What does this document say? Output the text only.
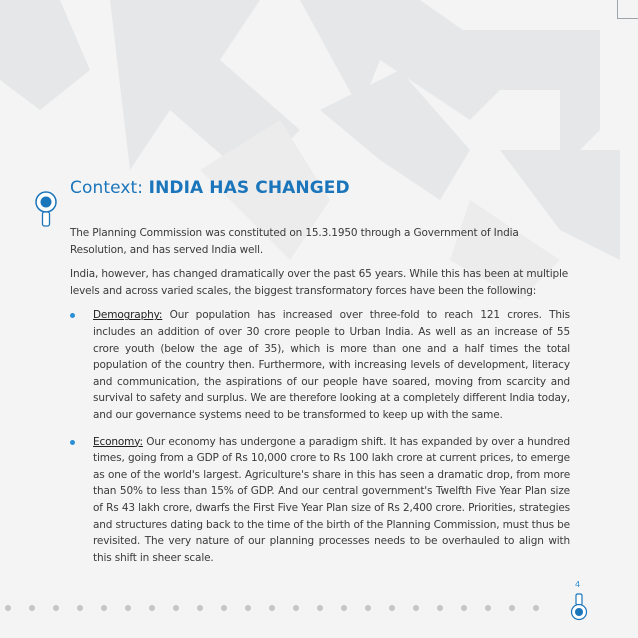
Context: INDIA HAS CHANGED

The Planning Commission was constituted on 15.3.1950 through a Government of India Resolution, and has served India well.

India, however, has changed dramatically over the past 65 years. While this has been at multiple levels and across varied scales, the biggest transformatory forces have been the following:

Demography: Our population has increased over three-fold to reach 121 crores. This includes an addition of over 30 crore people to Urban India. As well as an increase of 55 crore youth (below the age of 35), which is more than one and a half times the total population of the country then. Furthermore, with increasing levels of development, literacy and communication, the aspirations of our people have soared, moving from scarcity and survival to safety and surplus. We are therefore looking at a completely different India today, and our governance systems need to be transformed to keep up with the same.
Economy: Our economy has undergone a paradigm shift. It has expanded by over a hundred times, going from a GDP of Rs 10,000 crore to Rs 100 lakh crore at current prices, to emerge as one of the world's largest. Agriculture's share in this has seen a dramatic drop, from more than 50% to less than 15% of GDP. And our central government's Twelfth Five Year Plan size of Rs 43 lakh crore, dwarfs the First Five Year Plan size of Rs 2,400 crore. Priorities, strategies and structures dating back to the time of the birth of the Planning Commission, must thus be revisited. The very nature of our planning processes needs to be overhauled to align with this shift in sheer scale.
4
